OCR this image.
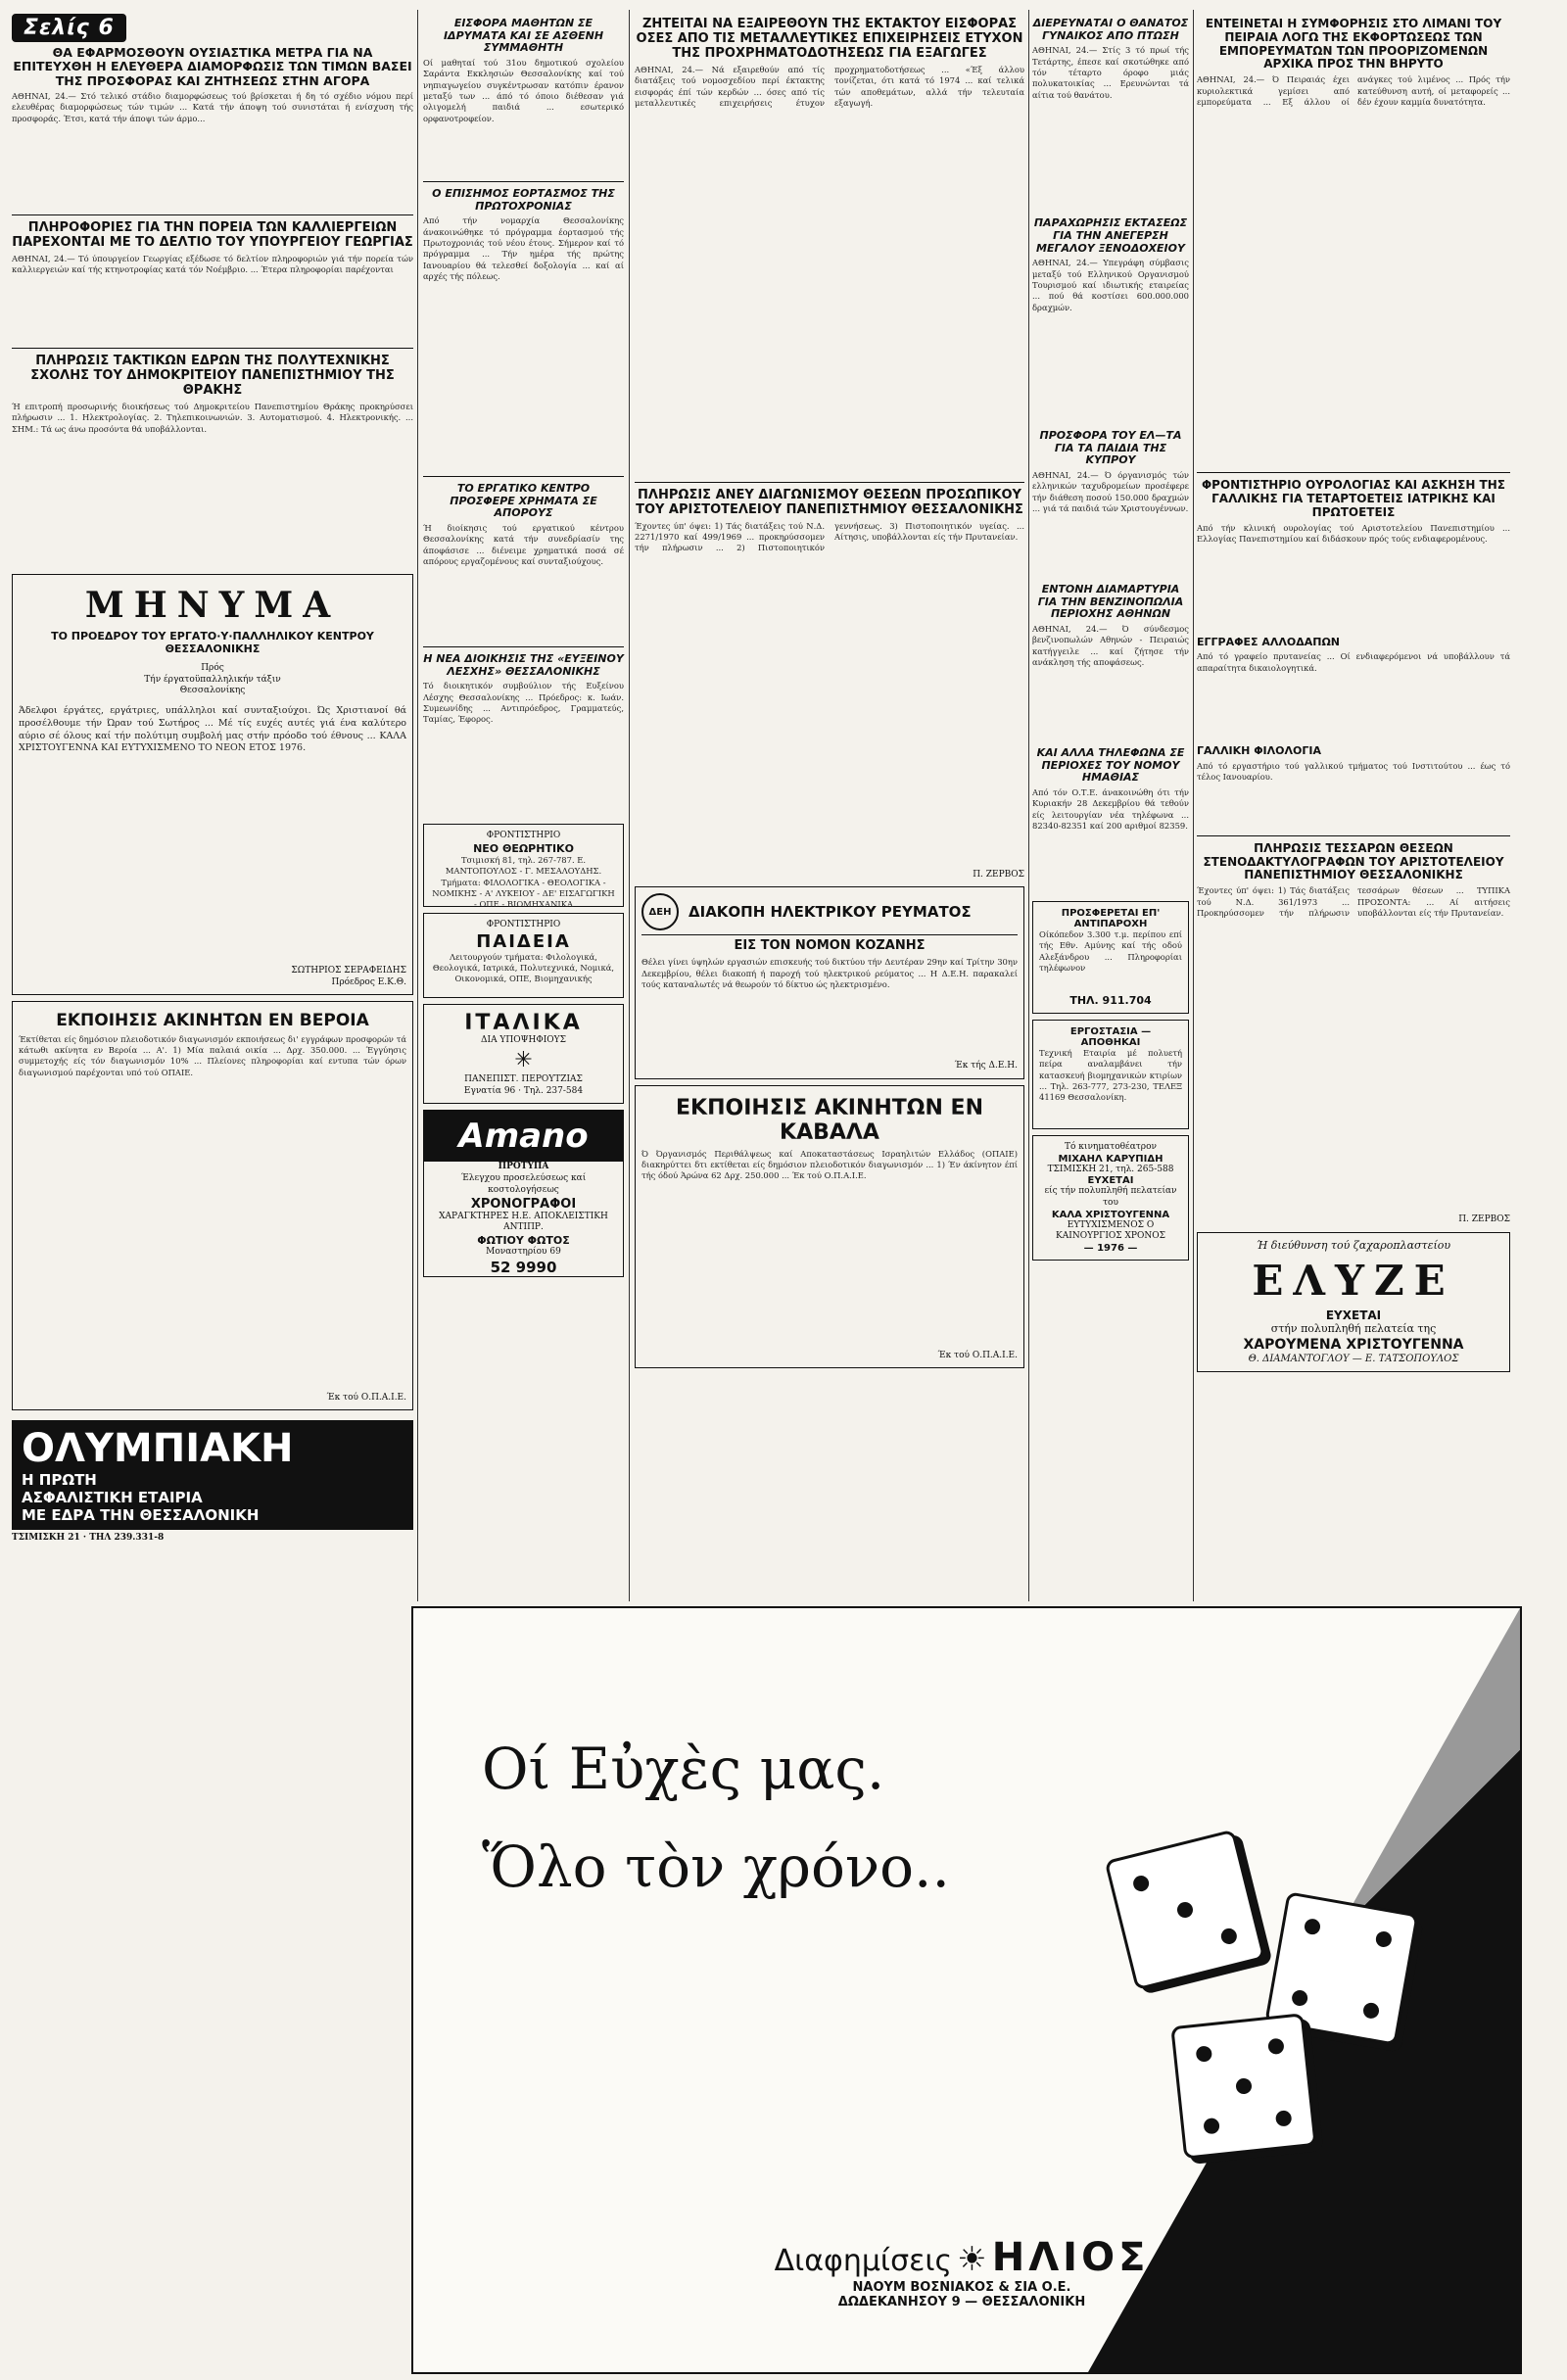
Σελίς 6
ΘΑ ΕΦΑΡΜΟΣΘΟΥΝ ΟΥΣΙΑΣΤΙΚΑ ΜΕΤΡΑ ΓΙΑ ΝΑ ΕΠΙΤΕΥΧΘΗ Η ΕΛΕΥΘΕΡΑ ΔΙΑΜΟΡΦΩΣΙΣ ΤΩΝ ΤΙΜΩΝ ΒΑΣΕΙ ΤΗΣ ΠΡΟΣΦΟΡΑΣ ΚΑΙ ΖΗΤΗΣΕΩΣ ΣΤΗΝ ΑΓΟΡΑ
ΑΘΗΝΑΙ, 24.— Στό τελικό στάδιο διαμορφώσεως τού βρίσκεται ή δη τό σχέδιο νόμου περί ελευθέρας διαμορφώσεως τών τιμών ... Κατά τήν άποψη τού συνιστάται ή ενίσχυση τής προσφοράς. Έτσι, κατά τήν άποψι τών άρμο...
ΠΛΗΡΟΦΟΡΙΕΣ ΓΙΑ ΤΗΝ ΠΟΡΕΙΑ ΤΩΝ ΚΑΛΛΙΕΡΓΕΙΩΝ ΠΑΡΕΧΟΝΤΑΙ ΜΕ ΤΟ ΔΕΛΤΙΟ ΤΟΥ ΥΠΟΥΡΓΕΙΟΥ ΓΕΩΡΓΙΑΣ
ΑΘΗΝΑΙ, 24.— Τό ύπουργείον Γεωργίας εξέδωσε τό δελτίον πληροφοριών γιά τήν πορεία τών καλλιεργειών καί τής κτηνοτροφίας κατά τόν Νοέμβριο. ... Έτερα πληροφορίαι παρέχονται
ΠΛΗΡΩΣΙΣ ΤΑΚΤΙΚΩΝ ΕΔΡΩΝ ΤΗΣ ΠΟΛΥΤΕΧΝΙΚΗΣ ΣΧΟΛΗΣ ΤΟΥ ΔΗΜΟΚΡΙΤΕΙΟΥ ΠΑΝΕΠΙΣΤΗΜΙΟΥ ΤΗΣ ΘΡΑΚΗΣ
Ή επιτροπή προσωρινής διοικήσεως τού Δημοκριτείου Πανεπιστημίου Θράκης προκηρύσσει πλήρωσιν ... 1. Ηλεκτρολογίας. 2. Τηλεπικοινωνιών. 3. Αυτοματισμού. 4. Ηλεκτρονικής. ... ΣΗΜ.: Τά ως άνω προσόντα θά υποβάλλονται.
ΜΗΝΥΜΑ
ΤΟ ΠΡΟΕΔΡΟΥ ΤΟΥ ΕΡΓΑΤΟ·Υ·ΠΑΛΛΗΛΙΚΟΥ ΚΕΝΤΡΟΥ ΘΕΣΣΑΛΟΝΙΚΗΣ
Πρός
Τήν έργατοϋπαλληλικήν τάξιν
Θεσσαλονίκης
Άδελφοι έργάτες, εργάτριες, υπάλληλοι καί συνταξιούχοι. Ώς Χριστιανοί θά προσέλθουμε τήν Ώραν τού Σωτήρος ... Μέ τίς ευχές αυτές γιά ένα καλύτερο αύριο σέ όλους καί τήν πολύτιμη συμβολή μας στήν πρόοδο τού έθνους ... ΚΑΛΑ ΧΡΙΣΤΟΥΓΕΝΝΑ ΚΑΙ ΕΥΤΥΧΙΣΜΕΝΟ ΤΟ ΝΕΟΝ ΕΤΟΣ 1976.
ΣΩΤΗΡΙΟΣ ΣΕΡΑΦΕΙΔΗΣ
Πρόεδρος Ε.Κ.Θ.
ΕΚΠΟΙΗΣΙΣ ΑΚΙΝΗΤΩΝ ΕΝ ΒΕΡΟΙΑ
Έκτίθεται είς δημόσιον πλειοδοτικόν διαγωνισμόν εκποιήσεως δι' εγγράφων προσφορών τά κάτωθι ακίνητα εν Βεροία ... Α'. 1) Μία παλαιά οικία ... Δρχ. 350.000. ... Έγγύησις συμμετοχής είς τόν διαγωνισμόν 10% ... Πλείονες πληροφορίαι καί εντυπα τών όρων διαγωνισμού παρέχονται υπό τού ΟΠΑΙΕ.
Έκ τού Ο.Π.Α.Ι.Ε.
ΟΛΥΜΠΙΑΚΗ
Η ΠΡΩΤΗ
ΑΣΦΑΛΙΣΤΙΚΗ ΕΤΑΙΡΙΑ
ΜΕ ΕΔΡΑ ΤΗΝ ΘΕΣΣΑΛΟΝΙΚΗ
ΤΣΙΜΙΣΚΗ 21 · ΤΗΛ 239.331-8
ΕΙΣΦΟΡΑ ΜΑΘΗΤΩΝ ΣΕ ΙΔΡΥΜΑΤΑ ΚΑΙ ΣΕ ΑΣΘΕΝΗ ΣΥΜΜΑΘΗΤΗ
Οί μαθηταί τού 31ου δημοτικού σχολείου Σαράντα Εκκλησιών Θεσσαλονίκης καί τού νηπιαγωγείου συγκέντρωσαν κατόπιν έρανον μεταξύ των ... άπό τό όποιο διέθεσαν γιά ολιγομελή παιδιά ... εσωτερικό ορφανοτροφείον.
Ο ΕΠΙΣΗΜΟΣ ΕΟΡΤΑΣΜΟΣ ΤΗΣ ΠΡΩΤΟΧΡΟΝΙΑΣ
Από τήν νομαρχία Θεσσαλονίκης άνακοινώθηκε τό πρόγραμμα έορτασμού τής Πρωτοχρονιάς τού νέου έτους. Σήμερον καί τό πρόγραμμα ... Τήν ημέρα τής πρώτης Ιανουαρίου θά τελεσθεί δοξολογία ... καί αί αρχές τής πόλεως.
ΤΟ ΕΡΓΑΤΙΚΟ ΚΕΝΤΡΟ ΠΡΟΣΦΕΡΕ ΧΡΗΜΑΤΑ ΣΕ ΑΠΟΡΟΥΣ
Ή διοίκησις τού εργατικού κέντρου Θεσσαλονίκης κατά τήν συνεδρίασίν της άποφάσισε ... διένειμε χρηματικά ποσά σέ απόρους εργαζομένους καί συνταξιούχους.
Η ΝΕΑ ΔΙΟΙΚΗΣΙΣ ΤΗΣ «ΕΥΞΕΙΝΟΥ ΛΕΣΧΗΣ» ΘΕΣΣΑΛΟΝΙΚΗΣ
Τό διοικητικόν συμβούλιον τής Ευξείνου Λέσχης Θεσσαλονίκης ... Πρόεδρος: κ. Ιωάν. Συμεωνίδης ... Αντιπρόεδρος, Γραμματεύς, Ταμίας, Έφορος.
ΦΡΟΝΤΙΣΤΗΡΙΟ
ΝΕΟ ΘΕΩΡΗΤΙΚΟ
Τσιμισκή 81, τηλ. 267-787. Ε. ΜΑΝΤΟΠΟΥΛΟΣ - Γ. ΜΕΣΑΛΟΥΔΗΣ. Τμήματα: ΦΙΛΟΛΟΓΙΚΑ - ΘΕΟΛΟΓΙΚΑ - ΝΟΜΙΚΗΣ - Α' ΛΥΚΕΙΟΥ - ΔΕ' ΕΙΣΑΓΩΓΙΚΗ - ΟΠΕ - ΒΙΟΜΗΧΑΝΙΚΑ
ΦΡΟΝΤΙΣΤΗΡΙΟ
ΠΑΙΔΕΙΑ
Λειτουργούν τμήματα: Φιλολογικά, Θεολογικά, Ιατρικά, Πολυτεχνικά, Νομικά, Οικονομικά, ΟΠΕ, Βιομηχανικής
ΙΤΑΛΙΚΑ
ΔΙΑ ΥΠΟΨΗΦΙΟΥΣ
✳
ΠΑΝΕΠΙΣΤ. ΠΕΡΟΥΤΖΙΑΣ
Εγνατία 96 · Τηλ. 237-584
Amano
ΠΡΟΤΥΠΑ
Έλεγχου προσελεύσεως καί κοστολογήσεως
ΧΡΟΝΟΓΡΑΦΟΙ
ΧΑΡΑΓΚΤΗΡΕΣ Η.Ε. ΑΠΟΚΛΕΙΣΤΙΚΗ ΑΝΤΙΠΡ.
ΦΩΤΙΟΥ ΦΩΤΟΣ
Μοναστηρίου 69
52 9990
ΖΗΤΕΙΤΑΙ ΝΑ ΕΞΑΙΡΕΘΟΥΝ ΤΗΣ ΕΚΤΑΚΤΟΥ ΕΙΣΦΟΡΑΣ ΟΣΕΣ ΑΠΟ ΤΙΣ ΜΕΤΑΛΛΕΥΤΙΚΕΣ ΕΠΙΧΕΙΡΗΣΕΙΣ ΕΤΥΧΟΝ ΤΗΣ ΠΡΟΧΡΗΜΑΤΟΔΟΤΗΣΕΩΣ ΓΙΑ ΕΞΑΓΩΓΕΣ
ΑΘΗΝΑΙ, 24.— Νά εξαιρεθούν από τίς διατάξεις τού νομοσχεδίου περί έκτακτης εισφοράς έπί τών κερδών ... όσες από τίς μεταλλευτικές επιχειρήσεις έτυχον προχρηματοδοτήσεως ... «Έξ άλλου τονίζεται, ότι κατά τό 1974 ... καί τελικά τών αποθεμάτων, αλλά τήν τελευταία εξαγωγή.
ΠΛΗΡΩΣΙΣ ΑΝΕΥ ΔΙΑΓΩΝΙΣΜΟΥ ΘΕΣΕΩΝ ΠΡΟΣΩΠΙΚΟΥ ΤΟΥ ΑΡΙΣΤΟΤΕΛΕΙΟΥ ΠΑΝΕΠΙΣΤΗΜΙΟΥ ΘΕΣΣΑΛΟΝΙΚΗΣ
Έχοντες ύπ' όψει: 1) Τάς διατάξεις τού Ν.Δ. 2271/1970 καί 499/1969 ... προκηρύσσομεν τήν πλήρωσιν ... 2) Πιστοποιητικόν γεννήσεως. 3) Πιστοποιητικόν υγείας. ... Αίτησις, υποβάλλονται είς τήν Πρυτανείαν.
Π. ΖΕΡΒΟΣ
ΔΕΗ	ΔΙΑΚΟΠΗ ΗΛΕΚΤΡΙΚΟΥ ΡΕΥΜΑΤΟΣ
ΕΙΣ ΤΟΝ ΝΟΜΟΝ ΚΟΖΑΝΗΣ
Θέλει γίνει ύψηλών εργασιών επισκευής τού δικτύου τήν Δευτέραν 29ην καί Τρίτην 30ην Δεκεμβρίου, θέλει διακοπή ή παροχή τού ηλεκτρικού ρεύματος ... Η Δ.Ε.Η. παρακαλεί τούς καταναλωτές νά θεωρούν τό δίκτυο ώς ηλεκτρισμένο.
Έκ τής Δ.Ε.Η.
ΕΚΠΟΙΗΣΙΣ ΑΚΙΝΗΤΩΝ ΕΝ ΚΑΒΑΛΑ
Ό Όργανισμός Περιθάλψεως καί Αποκαταστάσεως Ισραηλιτών Ελλάδος (ΟΠΑΙΕ) διακηρύττει δτι εκτίθεται είς δημόσιον πλειοδοτικόν διαγωνισμόν ... 1) Έν άκίνητον έπί τής όδού Άρώνα 62 Δρχ. 250.000 ... Έκ τού Ο.Π.Α.Ι.Ε.
Έκ τού Ο.Π.Α.Ι.Ε.
ΔΙΕΡΕΥΝΑΤΑΙ Ο ΘΑΝΑΤΟΣ ΓΥΝΑΙΚΟΣ ΑΠΟ ΠΤΩΣΗ
ΑΘΗΝΑΙ, 24.— Στίς 3 τό πρωί τής Τετάρτης, έπεσε καί σκοτώθηκε από τόν τέταρτο όροφο μιάς πολυκατοικίας ... Ερευνώνται τά αίτια τού θανάτου.
ΠΑΡΑΧΩΡΗΣΙΣ ΕΚΤΑΣΕΩΣ ΓΙΑ ΤΗΝ ΑΝΕΓΕΡΣΗ ΜΕΓΑΛΟΥ ΞΕΝΟΔΟΧΕΙΟΥ
ΑΘΗΝΑΙ, 24.— Υπεγράφη σύμβασις μεταξύ τού Ελληνικού Οργανισμού Τουρισμού καί ιδιωτικής εταιρείας ... πού θά κοστίσει 600.000.000 δραχμών.
ΠΡΟΣΦΟΡΑ ΤΟΥ ΕΛ—ΤΑ ΓΙΑ ΤΑ ΠΑΙΔΙΑ ΤΗΣ ΚΥΠΡΟΥ
ΑΘΗΝΑΙ, 24.— Ό όργανισμός τών ελληνικών ταχυδρομείων προσέφερε τήν διάθεση ποσού 150.000 δραχμών ... γιά τά παιδιά τών Χριστουγέννων.
ΕΝΤΟΝΗ ΔΙΑΜΑΡΤΥΡΙΑ ΓΙΑ ΤΗΝ ΒΕΝΖΙΝΟΠΩΛΙΑ ΠΕΡΙΟΧΗΣ ΑΘΗΝΩΝ
ΑΘΗΝΑΙ, 24.— Ό σύνδεσμος βενζινοπωλών Αθηνών - Πειραιώς κατήγγειλε ... καί ζήτησε τήν ανάκληση τής αποφάσεως.
ΚΑΙ ΑΛΛΑ ΤΗΛΕΦΩΝΑ ΣΕ ΠΕΡΙΟΧΕΣ ΤΟΥ ΝΟΜΟΥ ΗΜΑΘΙΑΣ
Από τόν Ο.Τ.Ε. άνακοινώθη ότι τήν Κυριακήν 28 Δεκεμβρίου θά τεθούν είς λειτουργίαν νέα τηλέφωνα ... 82340-82351 καί 200 αριθμοί 82359.
ΠΡΟΣΦΕΡΕΤΑΙ ΕΠ' ΑΝΤΙΠΑΡΟΧΗ
Οίκόπεδον 3.300 τ.μ. περίπου επί τής Εθν. Αμύνης καί τής οδού Αλεξάνδρου ... Πληροφορίαι τηλέφωνον
ΤΗΛ. 911.704
ΕΡΓΟΣΤΑΣΙΑ — ΑΠΟΘΗΚΑΙ
Τεχνική Εταιρία μέ πολυετή πείρα αναλαμβάνει τήν κατασκευή βιομηχανικών κτιρίων ... Τηλ. 263-777, 273-230, ΤΕΛΕΞ 41169 Θεσσαλονίκη.
Τό κινηματοθέατρον
ΜΙΧΑΗΛ ΚΑΡΥΠΙΔΗ
ΤΣΙΜΙΣΚΗ 21, τηλ. 265-588
ΕΥΧΕΤΑΙ
είς τήν πολυπληθή πελατείαν του
ΚΑΛΑ ΧΡΙΣΤΟΥΓΕΝΝΑ
ΕΥΤΥΧΙΣΜΕΝΟΣ Ο ΚΑΙΝΟΥΡΓΙΟΣ ΧΡΟΝΟΣ
— 1976 —
ΕΝΤΕΙΝΕΤΑΙ Η ΣΥΜΦΟΡΗΣΙΣ ΣΤΟ ΛΙΜΑΝΙ ΤΟΥ ΠΕΙΡΑΙΑ ΛΟΓΩ ΤΗΣ ΕΚΦΟΡΤΩΣΕΩΣ ΤΩΝ ΕΜΠΟΡΕΥΜΑΤΩΝ ΤΩΝ ΠΡΟΟΡΙΖΟΜΕΝΩΝ ΑΡΧΙΚΑ ΠΡΟΣ ΤΗΝ ΒΗΡΥΤΟ
ΑΘΗΝΑΙ, 24.— Ό Πειραιάς έχει κυριολεκτικά γεμίσει από εμπορεύματα ... Εξ άλλου οί ανάγκες τού λιμένος ... Πρός τήν κατεύθυνση αυτή, οί μεταφορείς ... δέν έχουν καμμία δυνατότητα.
ΦΡΟΝΤΙΣΤΗΡΙΟ ΟΥΡΟΛΟΓΙΑΣ ΚΑΙ ΑΣΚΗΣΗ ΤΗΣ ΓΑΛΛΙΚΗΣ ΓΙΑ ΤΕΤΑΡΤΟΕΤΕΙΣ ΙΑΤΡΙΚΗΣ ΚΑΙ ΠΡΩΤΟΕΤΕΙΣ
Από τήν κλινική ουρολογίας τού Αριστοτελείου Πανεπιστημίου ... Ελλογίας Πανεπιστημίου καί διδάσκουν πρός τούς ενδιαφερομένους.
ΕΓΓΡΑΦΕΣ ΑΛΛΟΔΑΠΩΝ
Από τό γραφείο πρυτανείας ... Οί ενδιαφερόμενοι νά υποβάλλουν τά απαραίτητα δικαιολογητικά.
ΓΑΛΛΙΚΗ ΦΙΛΟΛΟΓΙΑ
Από τό εργαστήριο τού γαλλικού τμήματος τού Ινστιτούτου ... έως τό τέλος Ιανουαρίου.
ΠΛΗΡΩΣΙΣ ΤΕΣΣΑΡΩΝ ΘΕΣΕΩΝ ΣΤΕΝΟΔΑΚΤΥΛΟΓΡΑΦΩΝ ΤΟΥ ΑΡΙΣΤΟΤΕΛΕΙΟΥ ΠΑΝΕΠΙΣΤΗΜΙΟΥ ΘΕΣΣΑΛΟΝΙΚΗΣ
Έχοντες ύπ' όψει: 1) Τάς διατάξεις τού Ν.Δ. 361/1973 ... Προκηρύσσομεν τήν πλήρωσιν τεσσάρων θέσεων ... ΤΥΠΙΚΑ ΠΡΟΣΟΝΤΑ: ... Αί αιτήσεις υποβάλλονται είς τήν Πρυτανείαν.
Π. ΖΕΡΒΟΣ
Ή διεύθυνση τού ζαχαροπλαστείου
ΕΛΥΖΕ
ΕΥΧΕΤΑΙ
στήν πολυπληθή πελατεία της
ΧΑΡΟΥΜΕΝΑ ΧΡΙΣΤΟΥΓΕΝΝΑ
Θ. ΔΙΑΜΑΝΤΟΓΛΟΥ — Ε. ΤΑΤΣΟΠΟΥΛΟΣ
Οί Εὐχὲς μας.
Ὅλο τὸν χρόνο..
Διαφημίσεις ☀ ΗΛΙΟΣ
ΝΑΟΥΜ ΒΟΣΝΙΑΚΟΣ & ΣΙΑ Ο.Ε.
ΔΩΔΕΚΑΝΗΣΟΥ 9 — ΘΕΣΣΑΛΟΝΙΚΗ
